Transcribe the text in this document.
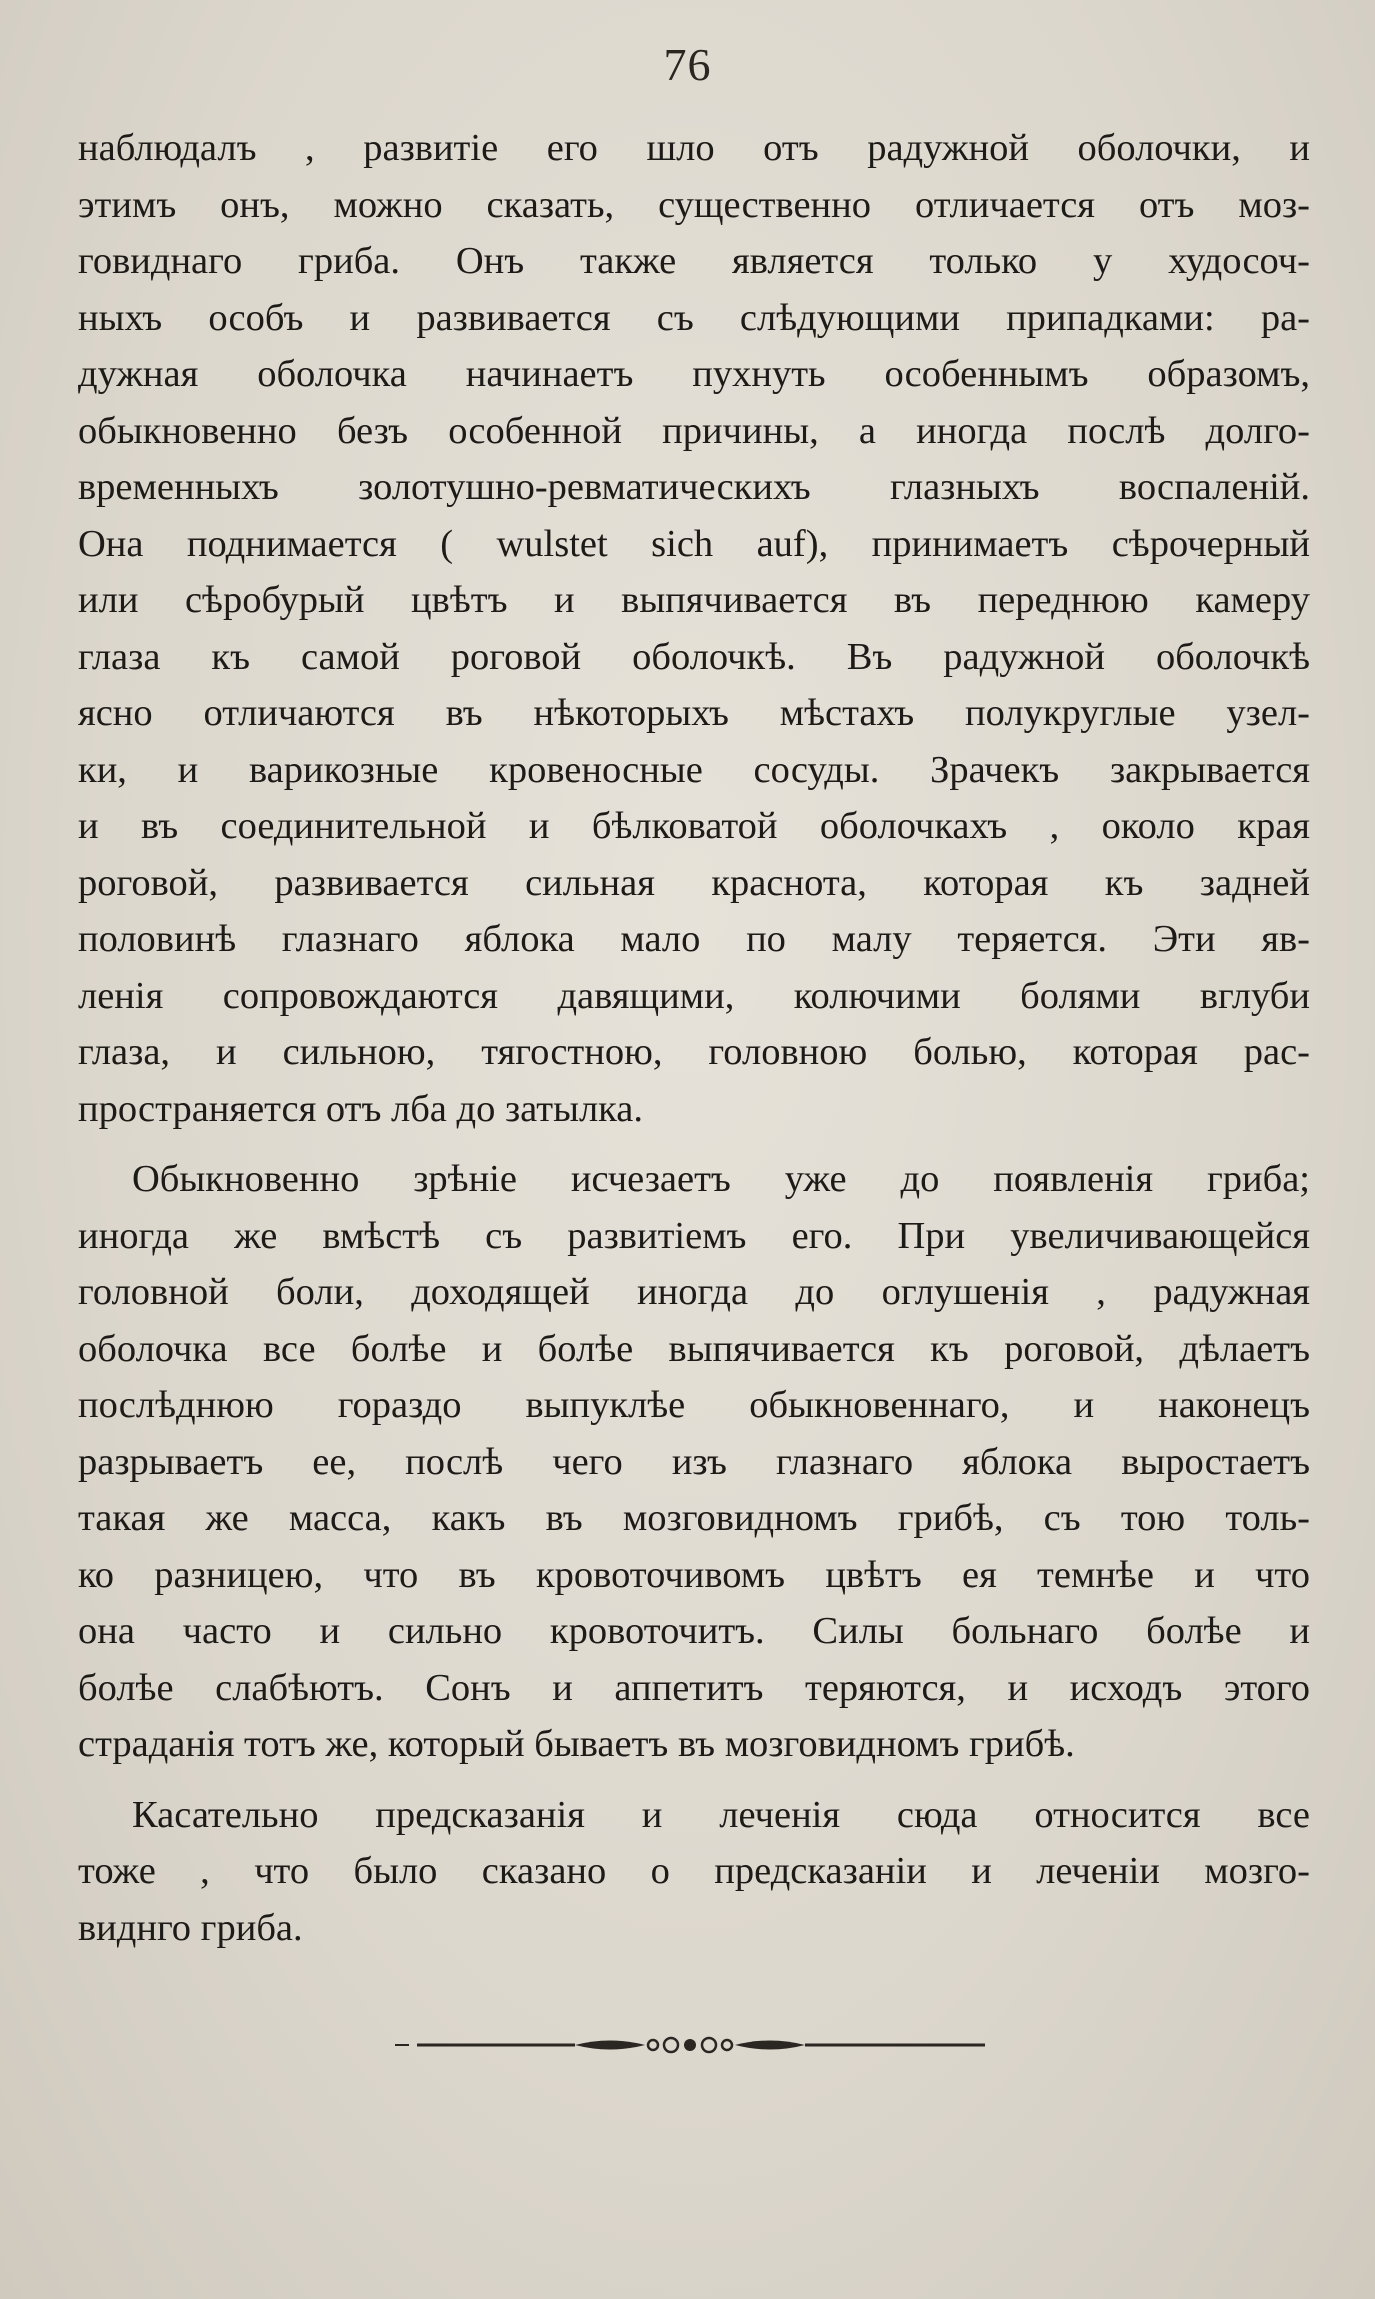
76

наблюдалъ , развитіе его шло отъ радужной оболочки, и
этимъ онъ, можно сказать, существенно отличается отъ моз-
говиднаго гриба. Онъ также является только у худосоч-
ныхъ особъ и развивается съ слѣдующими припадками: ра-
дужная оболочка начинаетъ пухнуть особеннымъ образомъ,
обыкновенно безъ особенной причины, а иногда послѣ долго-
временныхъ золотушно-ревматическихъ глазныхъ воспаленій.
Она поднимается ( wulstet sich auf), принимаетъ сѣрочерный
или сѣробурый цвѣтъ и выпячивается въ переднюю камеру
глаза къ самой роговой оболочкѣ. Въ радужной оболочкѣ
ясно отличаются въ нѣкоторыхъ мѣстахъ полукруглые узел-
ки, и варикозные кровеносные сосуды. Зрачекъ закрывается
и въ соединительной и бѣлковатой оболочкахъ , около края
роговой, развивается сильная краснота, которая къ задней
половинѣ глазнаго яблока мало по малу теряется. Эти яв-
ленія сопровождаются давящими, колючими болями вглуби
глаза, и сильною, тягостною, головною болью, которая рас-
пространяется отъ лба до затылка.

Обыкновенно зрѣніе исчезаетъ уже до появленія гриба;
иногда же вмѣстѣ съ развитіемъ его. При увеличивающейся
головной боли, доходящей иногда до оглушенія , радужная
оболочка все болѣе и болѣе выпячивается къ роговой, дѣлаетъ
послѣднюю гораздо выпуклѣе обыкновеннаго, и наконецъ
разрываетъ ее, послѣ чего изъ глазнаго яблока выростаетъ
такая же масса, какъ въ мозговидномъ грибѣ, съ тою толь-
ко разницею, что въ кровоточивомъ цвѣтъ ея темнѣе и что
она часто и сильно кровоточитъ. Силы больнаго болѣе и
болѣе слабѣютъ. Сонъ и аппетитъ теряются, и исходъ этого
страданія тотъ же, который бываетъ въ мозговидномъ грибѣ.

Касательно предсказанія и леченія сюда относится все
тоже , что было сказано о предсказаніи и леченіи мозго-
виднго гриба.
